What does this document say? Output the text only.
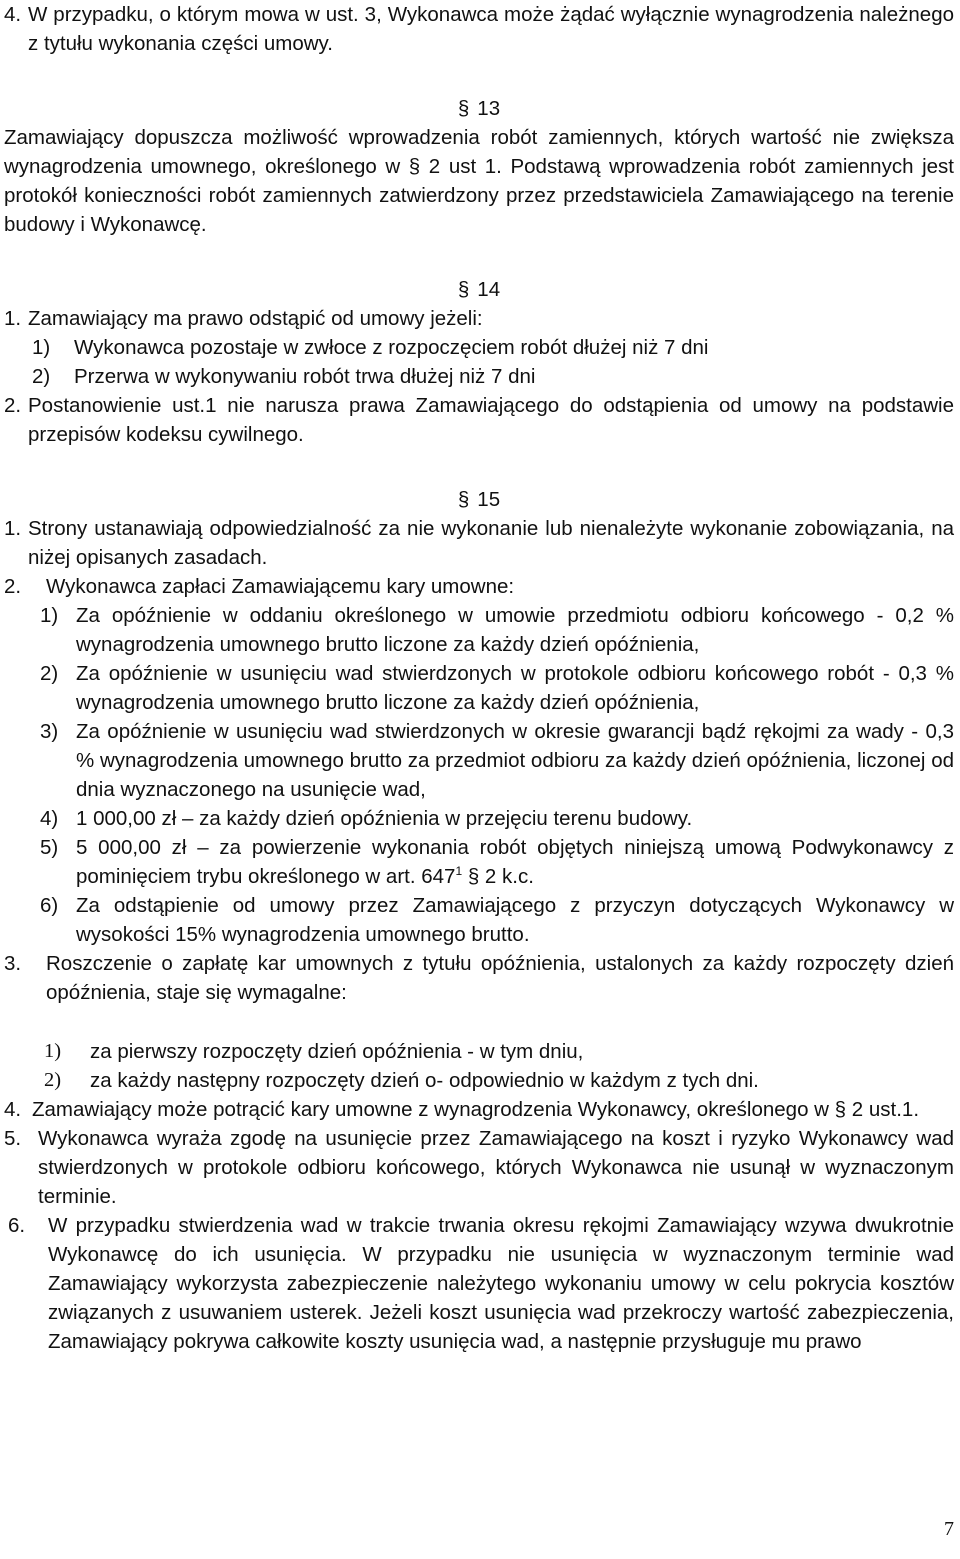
4. W przypadku, o którym mowa w ust. 3, Wykonawca może żądać wyłącznie wynagrodzenia należnego z tytułu wykonania części umowy.

§ 13

Zamawiający dopuszcza możliwość wprowadzenia robót zamiennych, których wartość nie zwiększa wynagrodzenia umownego, określonego w § 2 ust 1. Podstawą wprowadzenia robót zamiennych jest protokół konieczności robót zamiennych zatwierdzony przez przedstawiciela Zamawiającego na terenie budowy i Wykonawcę.

§ 14

1. Zamawiający ma prawo odstąpić od umowy jeżeli:
1)	Wykonawca pozostaje w zwłoce z rozpoczęciem robót dłużej niż 7 dni
2)	Przerwa w wykonywaniu robót trwa dłużej niż 7 dni
2. Postanowienie ust.1 nie narusza prawa Zamawiającego do odstąpienia od umowy na podstawie przepisów kodeksu cywilnego.

§ 15

1. Strony ustanawiają odpowiedzialność za nie wykonanie lub nienależyte wykonanie zobowiązania, na niżej opisanych zasadach.
2.	Wykonawca zapłaci Zamawiającemu kary umowne:
1) Za opóźnienie w oddaniu określonego w umowie przedmiotu odbioru końcowego - 0,2 % wynagrodzenia umownego brutto liczone za każdy dzień opóźnienia,
2) Za opóźnienie w usunięciu wad stwierdzonych w protokole odbioru końcowego robót - 0,3 % wynagrodzenia umownego brutto liczone za każdy dzień opóźnienia,
3) Za opóźnienie w usunięciu wad stwierdzonych w okresie gwarancji bądź rękojmi za wady - 0,3 % wynagrodzenia umownego brutto za przedmiot odbioru za każdy dzień opóźnienia, liczonej od dnia wyznaczonego na usunięcie wad,
4) 1 000,00 zł – za każdy dzień opóźnienia w przejęciu terenu budowy.
5) 5 000,00 zł – za powierzenie wykonania robót objętych niniejszą umową Podwykonawcy z pominięciem trybu określonego w art. $647^1$ § 2 k.c.
6) Za odstąpienie od umowy przez Zamawiającego z przyczyn dotyczących Wykonawcy w wysokości 15% wynagrodzenia umownego brutto.
3.	Roszczenie o zapłatę kar umownych z tytułu opóźnienia, ustalonych za każdy rozpoczęty dzień opóźnienia, staje się wymagalne:
1)	za pierwszy rozpoczęty dzień opóźnienia - w tym dniu,
2)	za każdy następny rozpoczęty dzień o- odpowiednio w każdym z tych dni.
4. Zamawiający może potrącić kary umowne z wynagrodzenia Wykonawcy, określonego w § 2 ust.1.
5. Wykonawca wyraża zgodę na usunięcie przez Zamawiającego na koszt i ryzyko Wykonawcy wad stwierdzonych w protokole odbioru końcowego, których Wykonawca nie usunął w wyznaczonym terminie.
6.	W przypadku stwierdzenia wad w trakcie trwania okresu rękojmi Zamawiający wzywa dwukrotnie Wykonawcę do ich usunięcia. W przypadku nie usunięcia w wyznaczonym terminie wad Zamawiający wykorzysta zabezpieczenie należytego wykonaniu umowy w celu pokrycia kosztów związanych z usuwaniem usterek. Jeżeli koszt usunięcia wad przekroczy wartość zabezpieczenia, Zamawiający pokrywa całkowite koszty usunięcia wad, a następnie przysługuje mu prawo
7
